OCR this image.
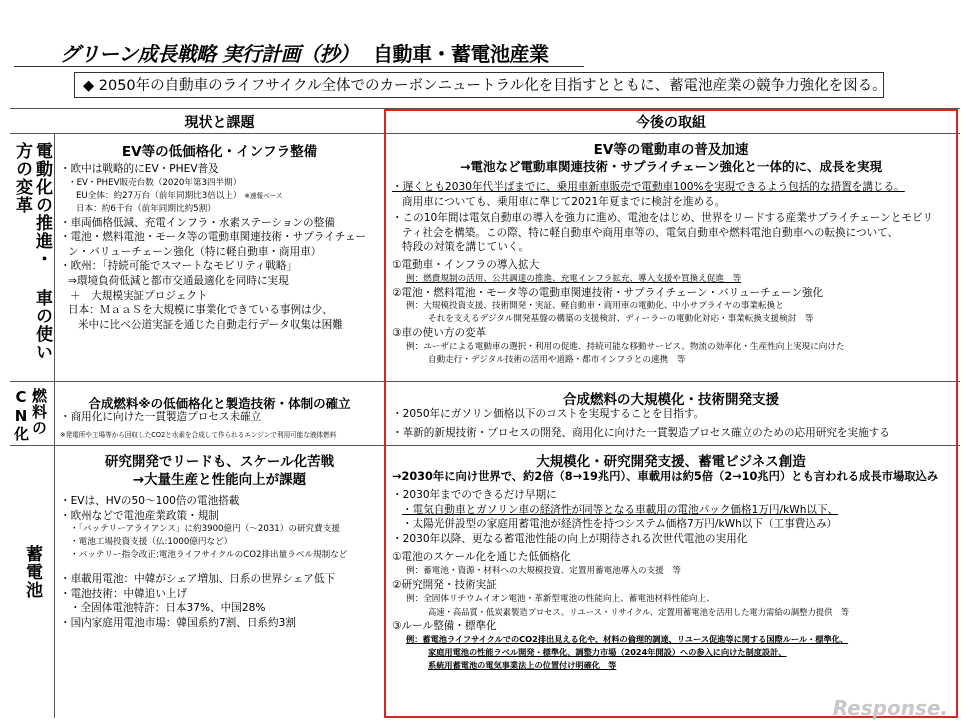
グリーン成長戦略 実行計画（抄） 自動車・蓄電池産業
◆ 2050年の自動車のライフサイクル全体でのカーボンニュートラル化を目指すとともに、蓄電池産業の競争力強化を図る。
現状と課題	今後の取組
電動化の推進・ 車の使い方の変革
燃料の CN化
蓄電池
EV等の低価格化・インフラ整備
・欧中は戦略的にEV・PHEV普及
・EV・PHEV販売台数（2020年第3四半期）
EU全体：約27万台（前年同期比3倍以上） ※速報ベース
日本：約6千台（前年同期比約5割）
・車両価格低減、充電インフラ・水素ステーションの整備
・電池・燃料電池・モータ等の電動車関連技術・サプライチェー
ン・バリューチェーン強化（特に軽自動車・商用車）
・欧州：「持続可能でスマートなモビリティ戦略」
⇒環境負荷低減と都市交通最適化を同時に実現
＋　大規模実証プロジェクト
日本：ＭａａＳを大規模に事業化できている事例は少、
米中に比べ公道実証を通じた自動走行データ収集は困難
EV等の電動車の普及加速
→電池など電動車関連技術・サプライチェーン強化と一体的に、成長を実現
・遅くとも2030年代半ばまでに、乗用車新車販売で電動車100%を実現できるよう包括的な措置を講じる。
商用車についても、乗用車に準じて2021年夏までに検討を進める。
・この10年間は電気自動車の導入を強力に進め、電池をはじめ、世界をリードする産業サプライチェーンとモビリ
ティ社会を構築。この際、特に軽自動車や商用車等の、電気自動車や燃料電池自動車への転換について、
特段の対策を講じていく。
①電動車・インフラの導入拡大
例：燃費規制の活用、公共調達の推進、充電インフラ拡充、導入支援や買換え促進　等
②電池・燃料電池・モータ等の電動車関連技術・サプライチェーン・バリューチェーン強化
例：大規模投資支援、技術開発・実証、軽自動車・商用車の電動化、中小サプライヤの事業転換と
それを支えるデジタル開発基盤の構築の支援検討、ディーラーの電動化対応・事業転換支援検討　等
③車の使い方の変革
例：ユーザによる電動車の選択・利用の促進、持続可能な移動サービス、物流の効率化・生産性向上実現に向けた
自動走行・デジタル技術の活用や道路・都市インフラとの連携　等
合成燃料※の低価格化と製造技術・体制の確立
・商用化に向けた一貫製造プロセス未確立
※発電所や工場等から回収したCO2と水素を合成して作られるエンジンで利用可能な液体燃料
合成燃料の大規模化・技術開発支援
・2050年にガソリン価格以下のコストを実現することを目指す。
・革新的新規技術・プロセスの開発、商用化に向けた一貫製造プロセス確立のための応用研究を実施する
研究開発でリードも、スケール化苦戦
→大量生産と性能向上が課題
・EVは、HVの50～100倍の電池搭載
・欧州などで電池産業政策・規制
・「バッテリーアライアンス」に約3900億円（～2031）の研究費支援
・電池工場投資支援（仏:1000億円など）
・バッテリー指令改正:電池ライフサイクルのCO2排出量ラベル規制など
・車載用電池：中韓がシェア増加、日系の世界シェア低下
・電池技術：中韓追い上げ
・全固体電池特許：日本37%、中国28%
・国内家庭用電池市場：韓国系約7割、日系約3割
大規模化・研究開発支援、蓄電ビジネス創造
→2030年に向け世界で、約2倍（8→19兆円）、車載用は約5倍（2→10兆円）とも言われる成長市場取込み
・2030年までのできるだけ早期に
・電気自動車とガソリン車の経済性が同等となる車載用の電池パック価格1万円/kWh以下、
・太陽光併設型の家庭用蓄電池が経済性を持つシステム価格7万円/kWh以下（工事費込み）
・2030年以降、更なる蓄電池性能の向上が期待される次世代電池の実用化
①電池のスケール化を通じた低価格化
例：蓄電池・資源・材料への大規模投資、定置用蓄電池導入の支援　等
②研究開発・技術実証
例：全固体リチウムイオン電池・革新型電池の性能向上、蓄電池材料性能向上、
高速・高品質・低炭素製造プロセス、リユース・リサイクル、定置用蓄電池を活用した電力需給の調整力提供　等
③ルール整備・標準化
例：蓄電池ライフサイクルでのCO2排出見える化や、材料の倫理的調達、リユース促進等に関する国際ルール・標準化、
家庭用電池の性能ラベル開発・標準化、調整力市場（2024年開設）への参入に向けた制度設計、
系統用蓄電池の電気事業法上の位置付け明確化　等
Response.
